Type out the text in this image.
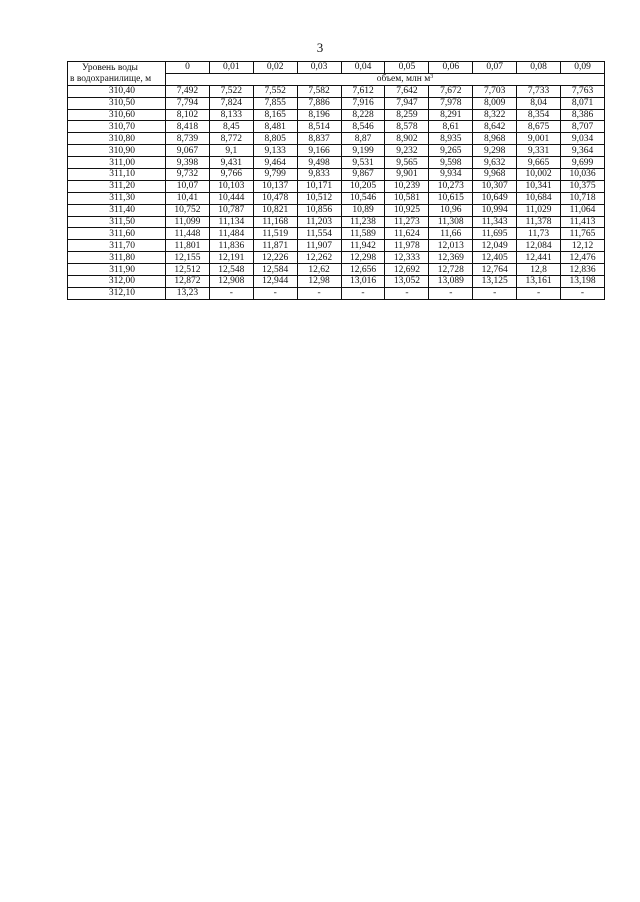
3
Уровень воды	0	0,01	0,02	0,03	0,04	0,05	0,06	0,07	0,08	0,09
в водохранилище, м	объем, млн $м^3$
310,40	7,492	7,522	7,552	7,582	7,612	7,642	7,672	7,703	7,733	7,763
310,50	7,794	7,824	7,855	7,886	7,916	7,947	7,978	8,009	8,04	8,071
310,60	8,102	8,133	8,165	8,196	8,228	8,259	8,291	8,322	8,354	8,386
310,70	8,418	8,45	8,481	8,514	8,546	8,578	8,61	8,642	8,675	8,707
310,80	8,739	8,772	8,805	8,837	8,87	8,902	8,935	8,968	9,001	9,034
310,90	9,067	9,1	9,133	9,166	9,199	9,232	9,265	9,298	9,331	9,364
311,00	9,398	9,431	9,464	9,498	9,531	9,565	9,598	9,632	9,665	9,699
311,10	9,732	9,766	9,799	9,833	9,867	9,901	9,934	9,968	10,002	10,036
311,20	10,07	10,103	10,137	10,171	10,205	10,239	10,273	10,307	10,341	10,375
311,30	10,41	10,444	10,478	10,512	10,546	10,581	10,615	10,649	10,684	10,718
311,40	10,752	10,787	10,821	10,856	10,89	10,925	10,96	10,994	11,029	11,064
311,50	11,099	11,134	11,168	11,203	11,238	11,273	11,308	11,343	11,378	11,413
311,60	11,448	11,484	11,519	11,554	11,589	11,624	11,66	11,695	11,73	11,765
311,70	11,801	11,836	11,871	11,907	11,942	11,978	12,013	12,049	12,084	12,12
311,80	12,155	12,191	12,226	12,262	12,298	12,333	12,369	12,405	12,441	12,476
311,90	12,512	12,548	12,584	12,62	12,656	12,692	12,728	12,764	12,8	12,836
312,00	12,872	12,908	12,944	12,98	13,016	13,052	13,089	13,125	13,161	13,198
312,10	13,23	-	-	-	-	-	-	-	-	-
